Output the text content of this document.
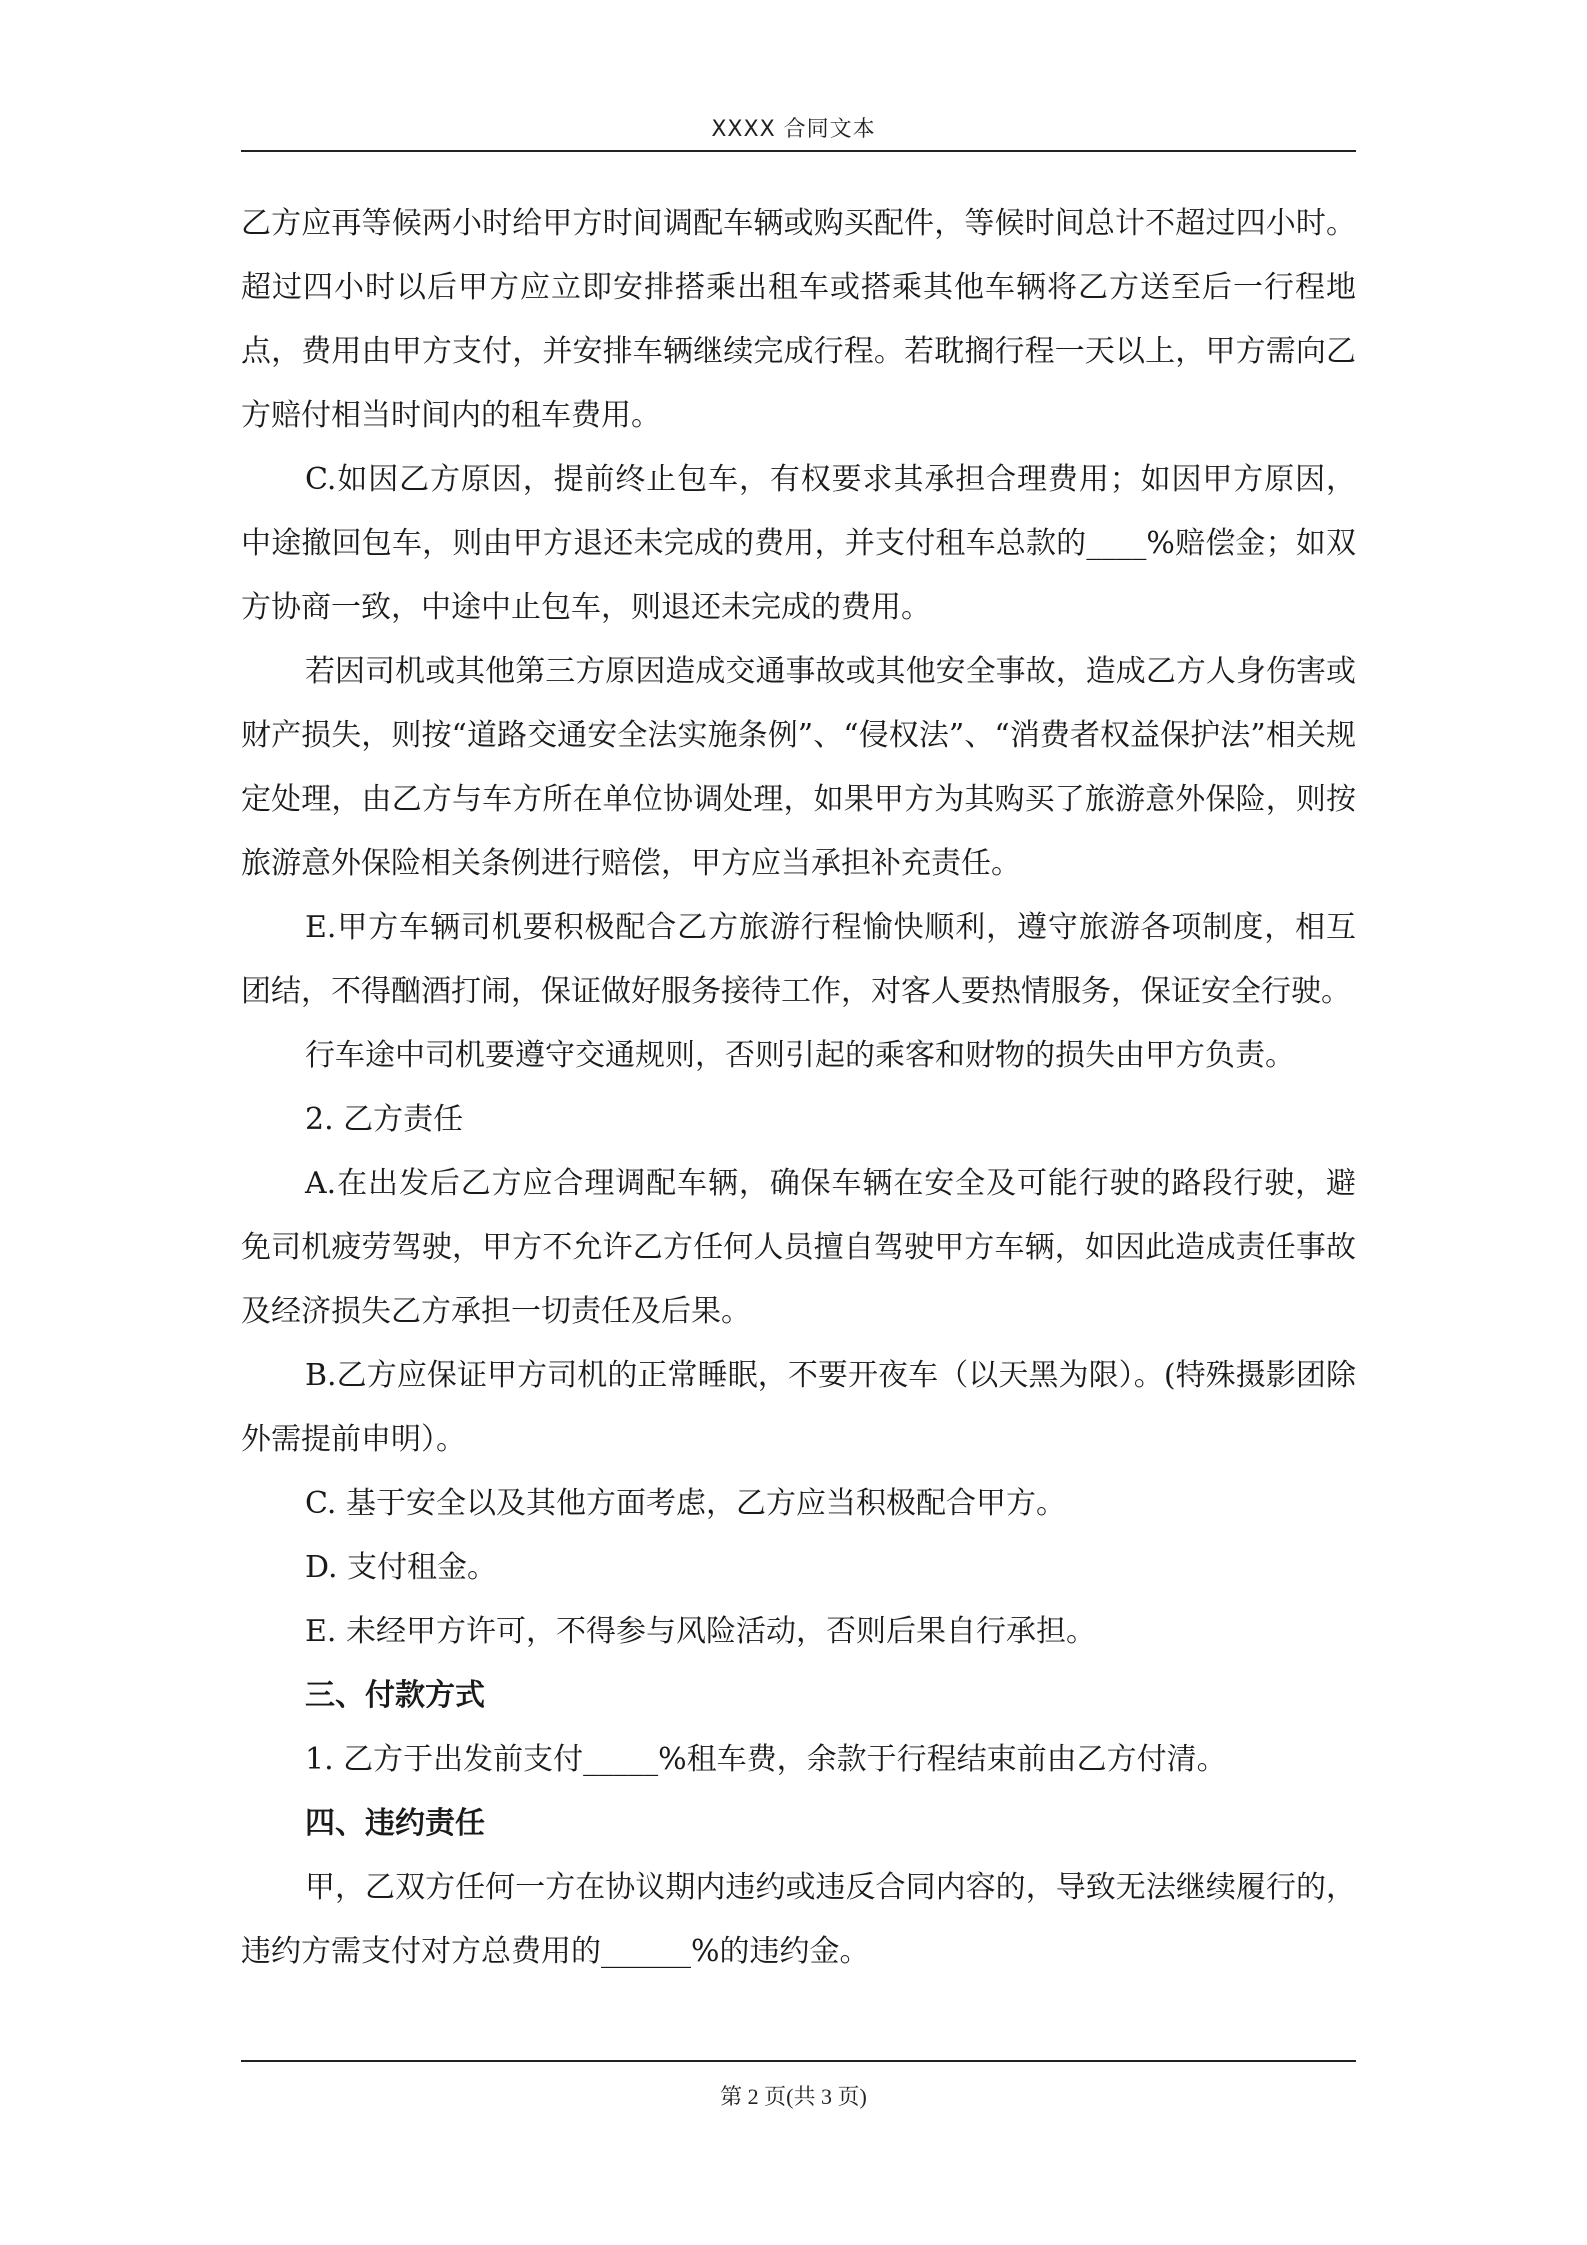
XXXX 合同文本

乙方应再等候两小时给甲方时间调配车辆或购买配件，等候时间总计不超过四小时。超过四小时以后甲方应立即安排搭乘出租车或搭乘其他车辆将乙方送至后一行程地点，费用由甲方支付，并安排车辆继续完成行程。若耽搁行程一天以上，甲方需向乙方赔付相当时间内的租车费用。

C.如因乙方原因，提前终止包车，有权要求其承担合理费用；如因甲方原因，中途撤回包车，则由甲方退还未完成的费用，并支付租车总款的____%赔偿金；如双方协商一致，中途中止包车，则退还未完成的费用。

若因司机或其他第三方原因造成交通事故或其他安全事故，造成乙方人身伤害或财产损失，则按“道路交通安全法实施条例”、“侵权法”、“消费者权益保护法”相关规定处理，由乙方与车方所在单位协调处理，如果甲方为其购买了旅游意外保险，则按旅游意外保险相关条例进行赔偿，甲方应当承担补充责任。

E.甲方车辆司机要积极配合乙方旅游行程愉快顺利，遵守旅游各项制度，相互团结，不得酗酒打闹，保证做好服务接待工作，对客人要热情服务，保证安全行驶。

行车途中司机要遵守交通规则，否则引起的乘客和财物的损失由甲方负责。

2. 乙方责任

A.在出发后乙方应合理调配车辆，确保车辆在安全及可能行驶的路段行驶，避免司机疲劳驾驶，甲方不允许乙方任何人员擅自驾驶甲方车辆，如因此造成责任事故及经济损失乙方承担一切责任及后果。

B.乙方应保证甲方司机的正常睡眠，不要开夜车（以天黑为限）。(特殊摄影团除外需提前申明）。

C. 基于安全以及其他方面考虑，乙方应当积极配合甲方。

D. 支付租金。

E. 未经甲方许可，不得参与风险活动，否则后果自行承担。

三、付款方式

1. 乙方于出发前支付_____%租车费，余款于行程结束前由乙方付清。

四、违约责任

甲，乙双方任何一方在协议期内违约或违反合同内容的，导致无法继续履行的，违约方需支付对方总费用的______%的违约金。

第 2 页(共 3 页)
